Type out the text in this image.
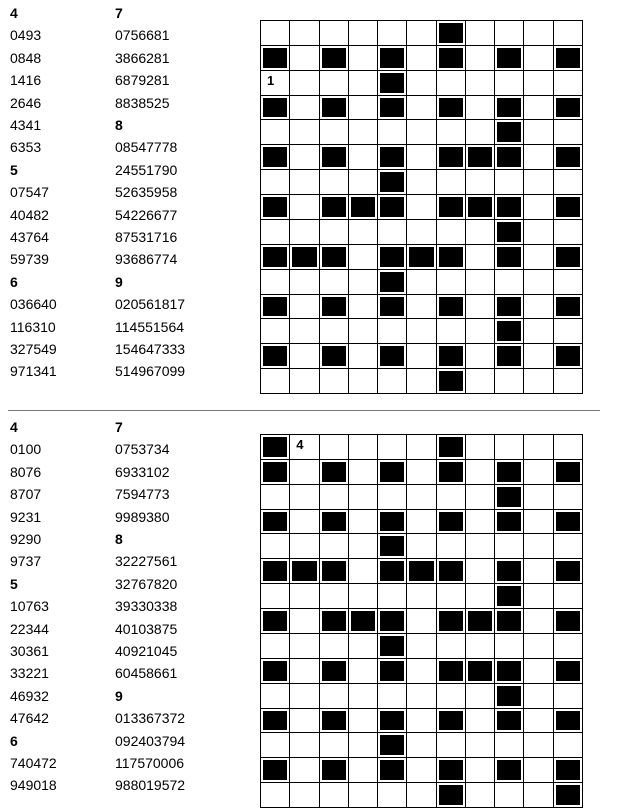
4
0493
0848
1416
2646
4341
6353
5
07547
40482
43764
59739
6
036640
116310
327549
971341
7
0756681
3866281
6879281
8838525
8
08547778
24551790
52635958
54226677
87531716
93686774
9
020561817
114551564
154647333
514967099
1
4
0100
8076
8707
9231
9290
9737
5
10763
22344
30361
33221
46932
47642
6
740472
949018
7
0753734
6933102
7594773
9989380
8
32227561
32767820
39330338
40103875
40921045
60458661
9
013367372
092403794
117570006
988019572
4
